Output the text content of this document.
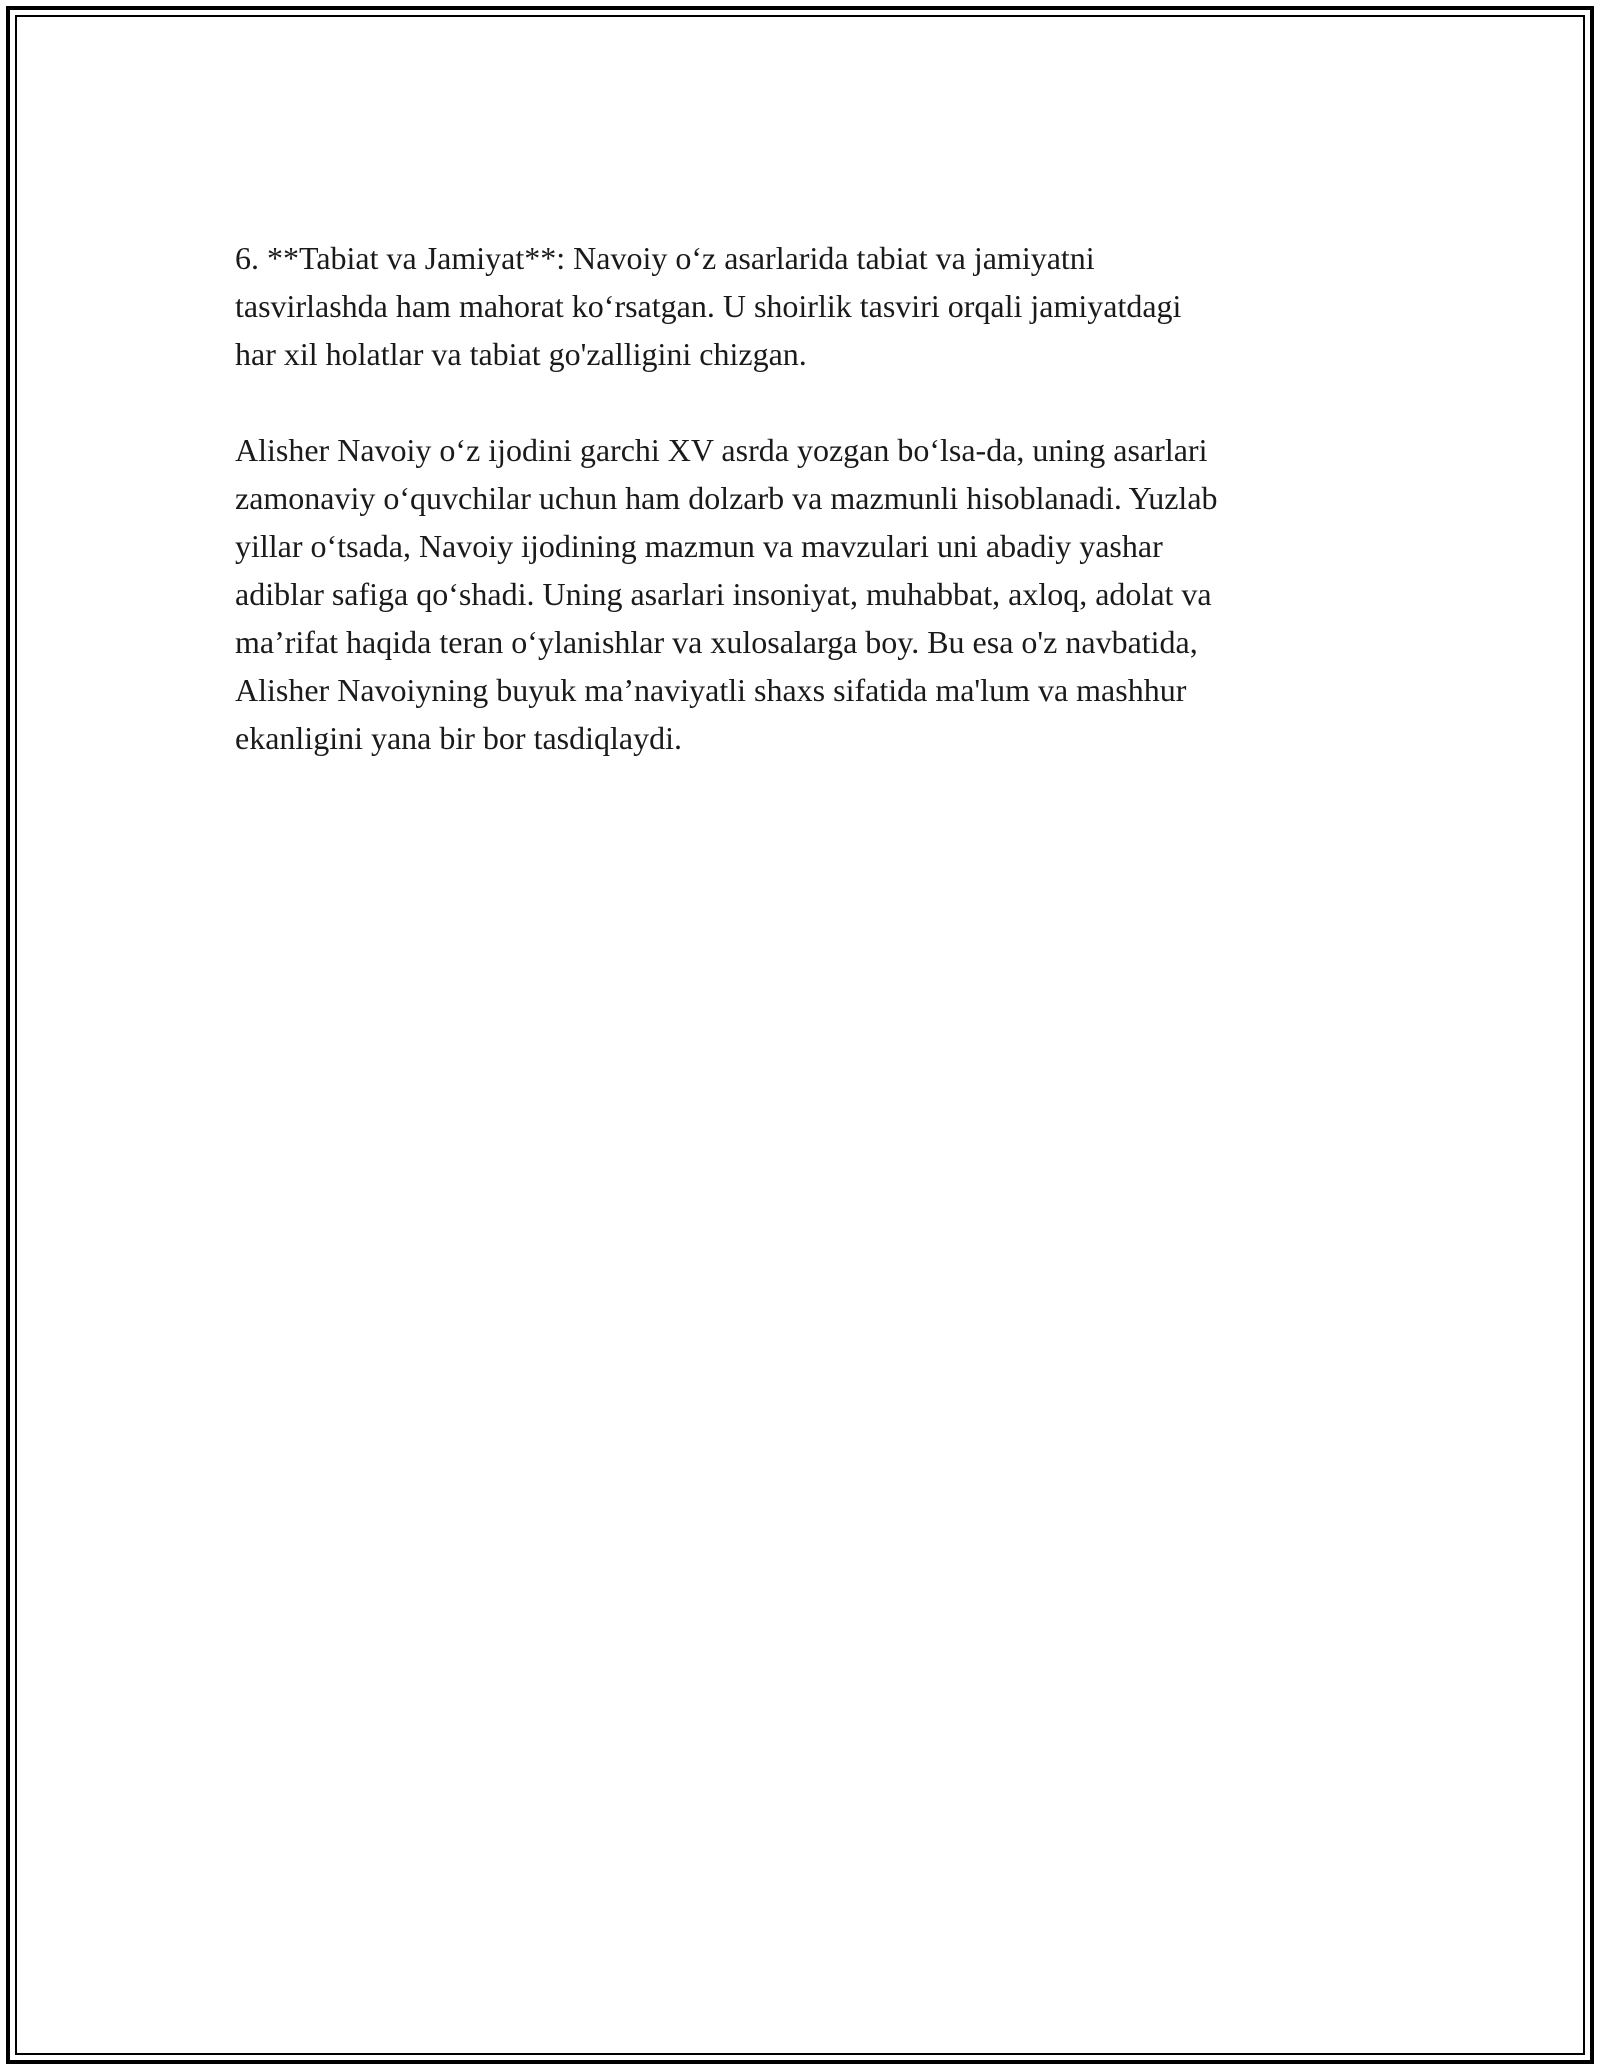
6. **Tabiat va Jamiyat**: Navoiy o‘z asarlarida tabiat va jamiyatni
tasvirlashda ham mahorat ko‘rsatgan. U shoirlik tasviri orqali jamiyatdagi
har xil holatlar va tabiat go'zalligini chizgan.

Alisher Navoiy o‘z ijodini garchi XV asrda yozgan bo‘lsa-da, uning asarlari
zamonaviy o‘quvchilar uchun ham dolzarb va mazmunli hisoblanadi. Yuzlab
yillar o‘tsada, Navoiy ijodining mazmun va mavzulari uni abadiy yashar
adiblar safiga qo‘shadi. Uning asarlari insoniyat, muhabbat, axloq, adolat va
ma’rifat haqida teran o‘ylanishlar va xulosalarga boy. Bu esa o'z navbatida,
Alisher Navoiyning buyuk ma’naviyatli shaxs sifatida ma'lum va mashhur
ekanligini yana bir bor tasdiqlaydi.
